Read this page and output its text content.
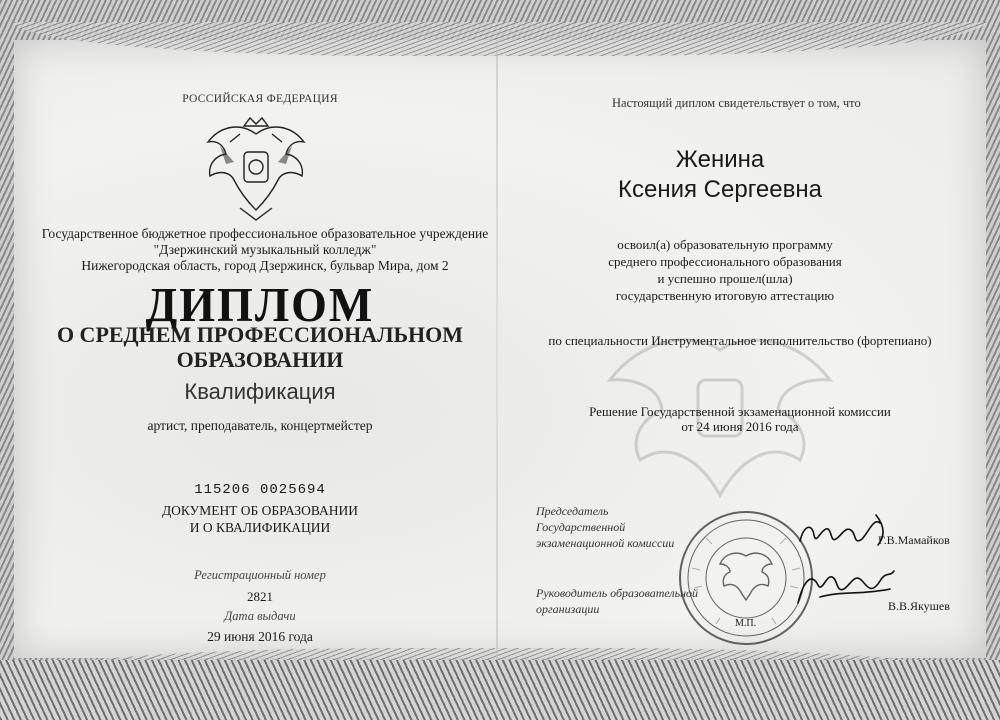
РОССИЙСКАЯ ФЕДЕРАЦИЯ
Государственное бюджетное профессиональное образовательное учреждение
"Дзержинский музыкальный колледж"
Нижегородская область, город Дзержинск, бульвар Мира, дом 2
ДИПЛОМ
О СРЕДНЕМ ПРОФЕССИОНАЛЬНОМ
ОБРАЗОВАНИИ
Квалификация
артист, преподаватель, концертмейстер
115206 0025694
ДОКУМЕНТ ОБ ОБРАЗОВАНИИ
И О КВАЛИФИКАЦИИ
Регистрационный номер
2821
Дата выдачи
29 июня 2016 года
Настоящий диплом свидетельствует о том, что
Женина
Ксения Сергеевна
освоил(а) образовательную программу
среднего профессионального образования
и успешно прошел(шла)
государственную итоговую аттестацию
по специальности Инструментальное исполнительство (фортепиано)
Решение Государственной экзаменационной комиссии
от 24 июня 2016 года
М.П.
Председатель
Государственной
экзаменационной комиссии	Г.В.Мамайков
Руководитель образовательной
организации	В.В.Якушев
